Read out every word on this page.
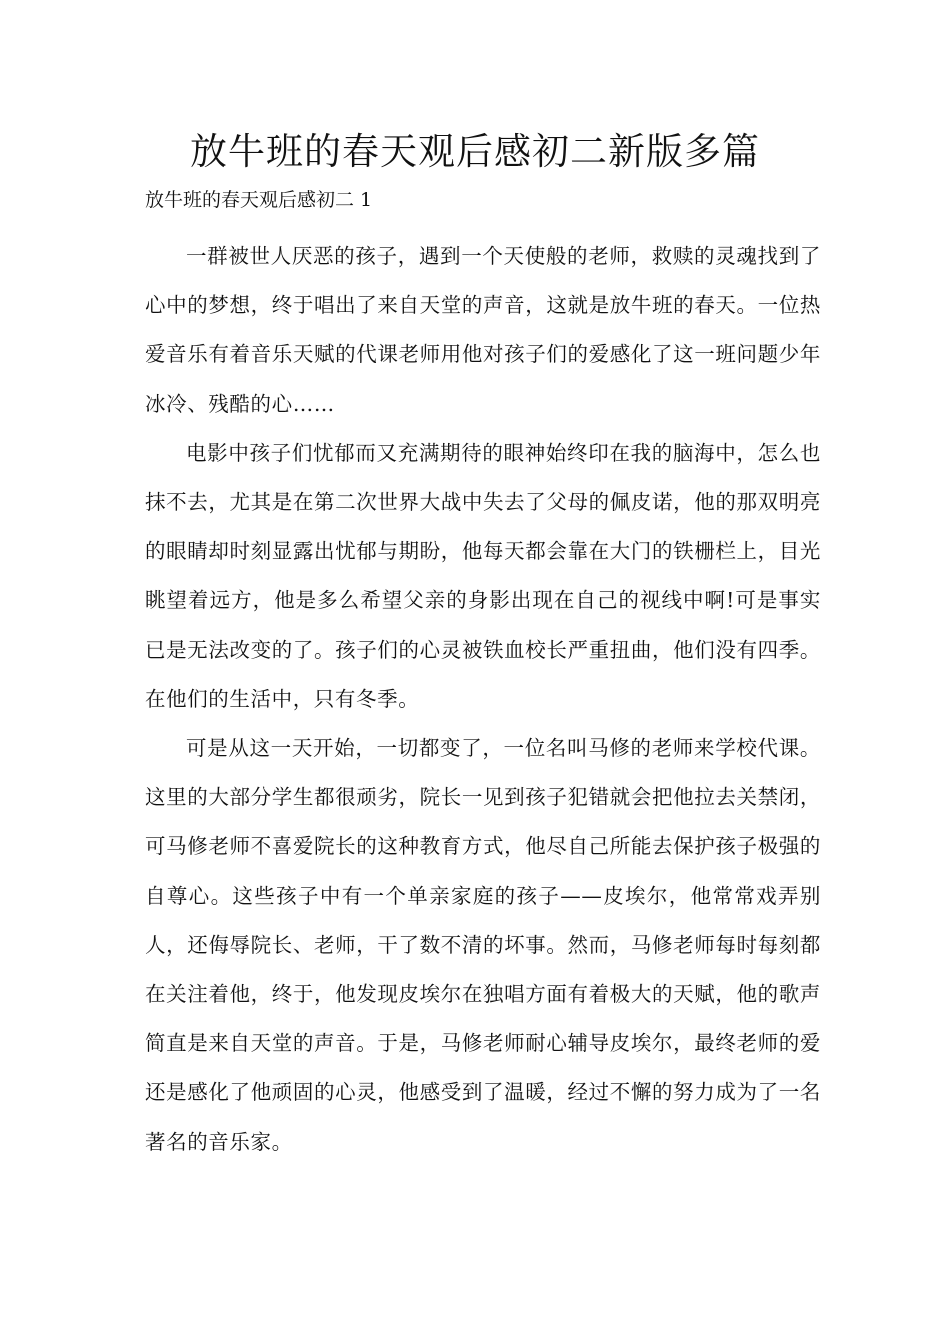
放牛班的春天观后感初二新版多篇
放牛班的春天观后感初二 1

一群被世人厌恶的孩子，遇到一个天使般的老师，救赎的灵魂找到了心中的梦想，终于唱出了来自天堂的声音，这就是放牛班的春天。一位热爱音乐有着音乐天赋的代课老师用他对孩子们的爱感化了这一班问题少年冰冷、残酷的心……

电影中孩子们忧郁而又充满期待的眼神始终印在我的脑海中，怎么也抹不去，尤其是在第二次世界大战中失去了父母的佩皮诺，他的那双明亮的眼睛却时刻显露出忧郁与期盼，他每天都会靠在大门的铁栅栏上，目光眺望着远方，他是多么希望父亲的身影出现在自己的视线中啊!可是事实已是无法改变的了。孩子们的心灵被铁血校长严重扭曲，他们没有四季。在他们的生活中，只有冬季。

可是从这一天开始，一切都变了，一位名叫马修的老师来学校代课。这里的大部分学生都很顽劣，院长一见到孩子犯错就会把他拉去关禁闭，可马修老师不喜爱院长的这种教育方式，他尽自己所能去保护孩子极强的自尊心。这些孩子中有一个单亲家庭的孩子——皮埃尔，他常常戏弄别人，还侮辱院长、老师，干了数不清的坏事。然而，马修老师每时每刻都在关注着他，终于，他发现皮埃尔在独唱方面有着极大的天赋，他的歌声简直是来自天堂的声音。于是，马修老师耐心辅导皮埃尔，最终老师的爱还是感化了他顽固的心灵，他感受到了温暖，经过不懈的努力成为了一名著名的音乐家。
